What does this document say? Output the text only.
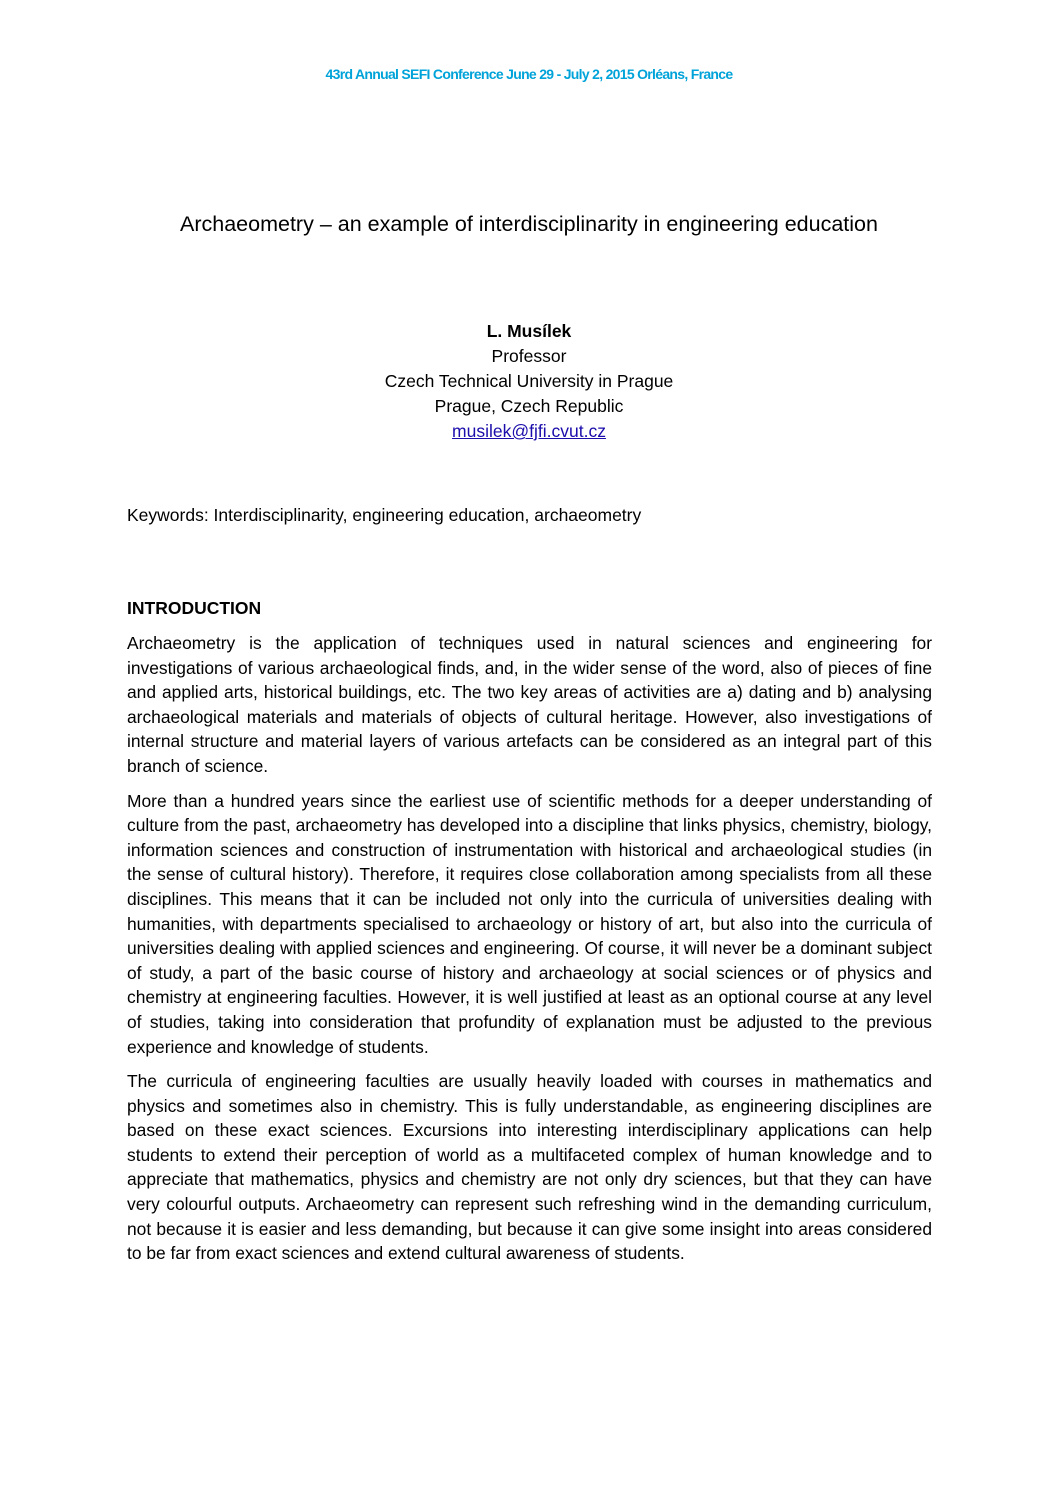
43rd Annual SEFI Conference June 29 - July 2, 2015 Orléans, France
Archaeometry – an example of interdisciplinarity in engineering education
L. Musílek
Professor
Czech Technical University in Prague
Prague, Czech Republic
musilek@fjfi.cvut.cz
Keywords: Interdisciplinarity, engineering education, archaeometry
INTRODUCTION

Archaeometry is the application of techniques used in natural sciences and engineering for investigations of various archaeological finds, and, in the wider sense of the word, also of pieces of fine and applied arts, historical buildings, etc. The two key areas of activities are a) dating and b) analysing archaeological materials and materials of objects of cultural heritage. However, also investigations of internal structure and material layers of various artefacts can be considered as an integral part of this branch of science.

More than a hundred years since the earliest use of scientific methods for a deeper understanding of culture from the past, archaeometry has developed into a discipline that links physics, chemistry, biology, information sciences and construction of instrumentation with historical and archaeological studies (in the sense of cultural history). Therefore, it requires close collaboration among specialists from all these disciplines. This means that it can be included not only into the curricula of universities dealing with humanities, with departments specialised to archaeology or history of art, but also into the curricula of universities dealing with applied sciences and engineering. Of course, it will never be a dominant subject of study, a part of the basic course of history and archaeology at social sciences or of physics and chemistry at engineering faculties. However, it is well justified at least as an optional course at any level of studies, taking into consideration that profundity of explanation must be adjusted to the previous experience and knowledge of students.

The curricula of engineering faculties are usually heavily loaded with courses in mathematics and physics and sometimes also in chemistry. This is fully understandable, as engineering disciplines are based on these exact sciences. Excursions into interesting interdisciplinary applications can help students to extend their perception of world as a multifaceted complex of human knowledge and to appreciate that mathematics, physics and chemistry are not only dry sciences, but that they can have very colourful outputs. Archaeometry can represent such refreshing wind in the demanding curriculum, not because it is easier and less demanding, but because it can give some insight into areas considered to be far from exact sciences and extend cultural awareness of students.
